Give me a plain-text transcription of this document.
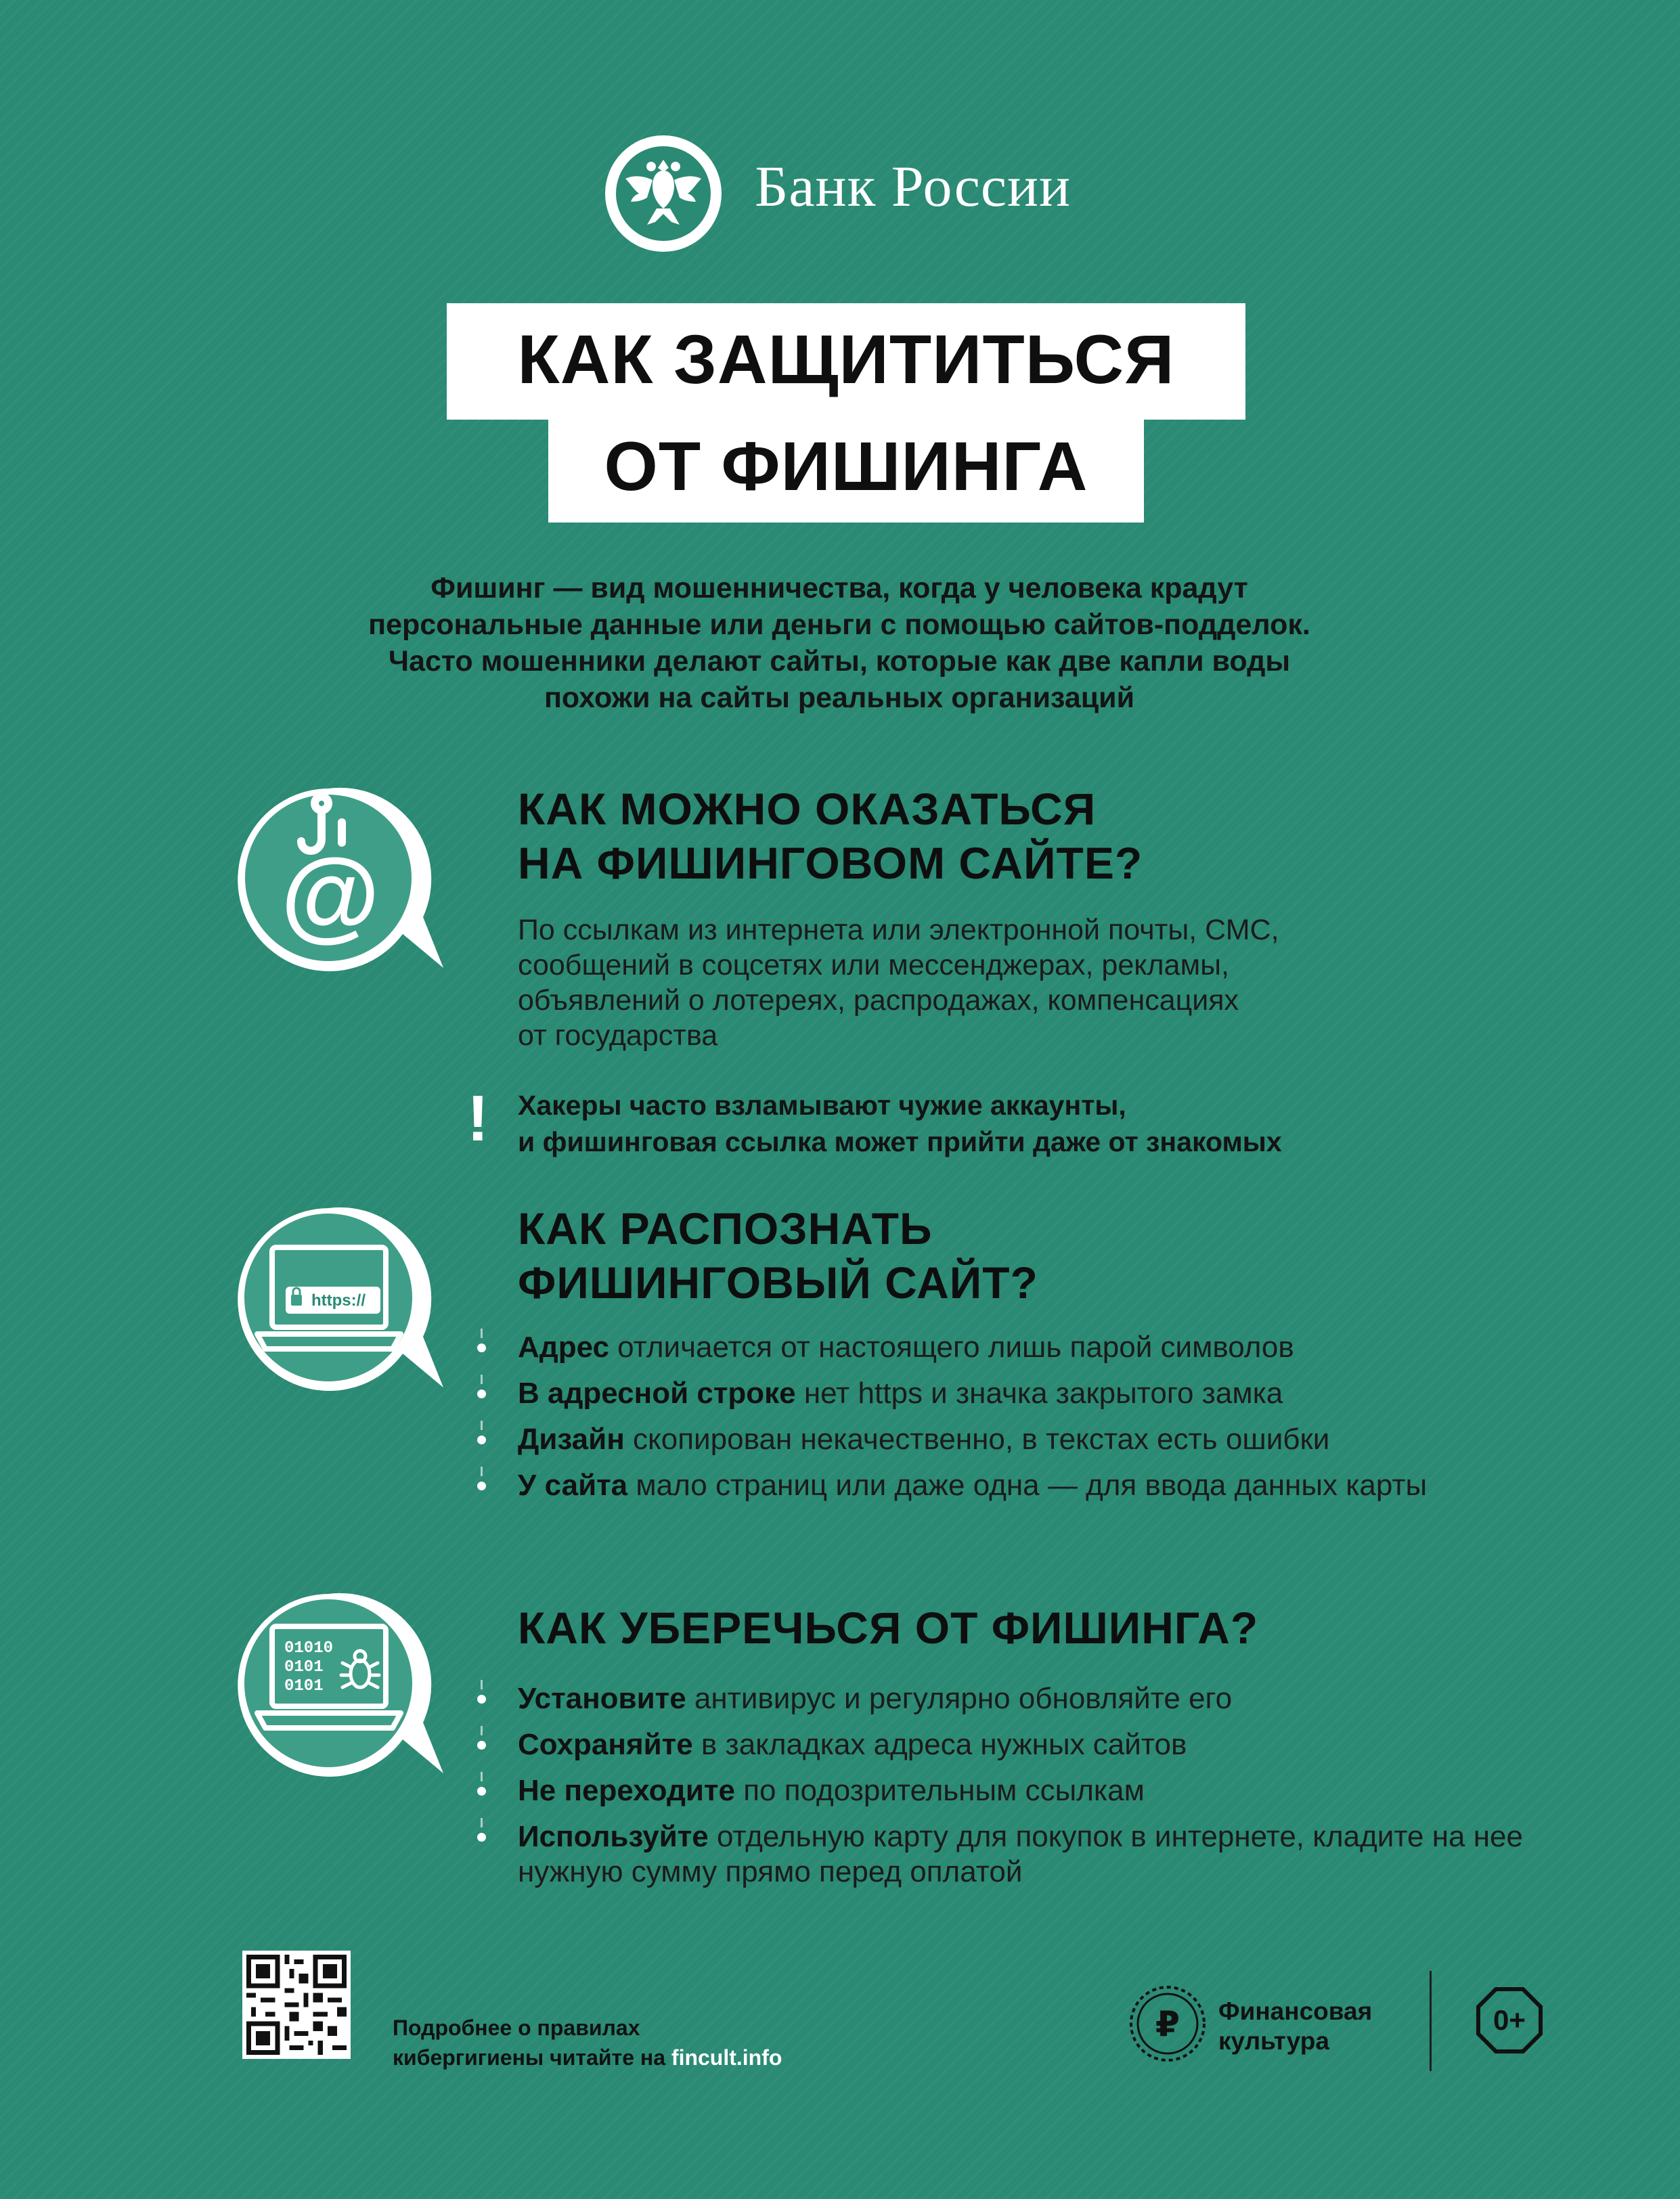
Банк России
КАК ЗАЩИТИТЬСЯ
ОТ ФИШИНГА
Фишинг — вид мошенничества, когда у человека крадут
персональные данные или деньги с помощью сайтов-подделок.
Часто мошенники делают сайты, которые как две капли воды
похожи на сайты реальных организаций
@
КАК МОЖНО ОКАЗАТЬСЯ
НА ФИШИНГОВОМ САЙТЕ?
По ссылкам из интернета или электронной почты, СМС,
сообщений в соцсетях или мессенджерах, рекламы,
объявлений о лотереях, распродажах, компенсациях
от государства
! Хакеры часто взламывают чужие аккаунты,
и фишинговая ссылка может прийти даже от знакомых
https://
КАК РАСПОЗНАТЬ
ФИШИНГОВЫЙ САЙТ?
Адрес отличается от настоящего лишь парой символов
В адресной строке нет https и значка закрытого замка
Дизайн скопирован некачественно, в текстах есть ошибки
У сайта мало страниц или даже одна — для ввода данных карты
01010
0101
0101
КАК УБЕРЕЧЬСЯ ОТ ФИШИНГА?
Установите антивирус и регулярно обновляйте его
Сохраняйте в закладках адреса нужных сайтов
Не переходите по подозрительным ссылкам
Используйте отдельную карту для покупок в интернете, кладите на нее нужную сумму прямо перед оплатой
Подробнее о правилах
кибергигиены читайте на fincult.info
₽ Финансовая
культура
0+
